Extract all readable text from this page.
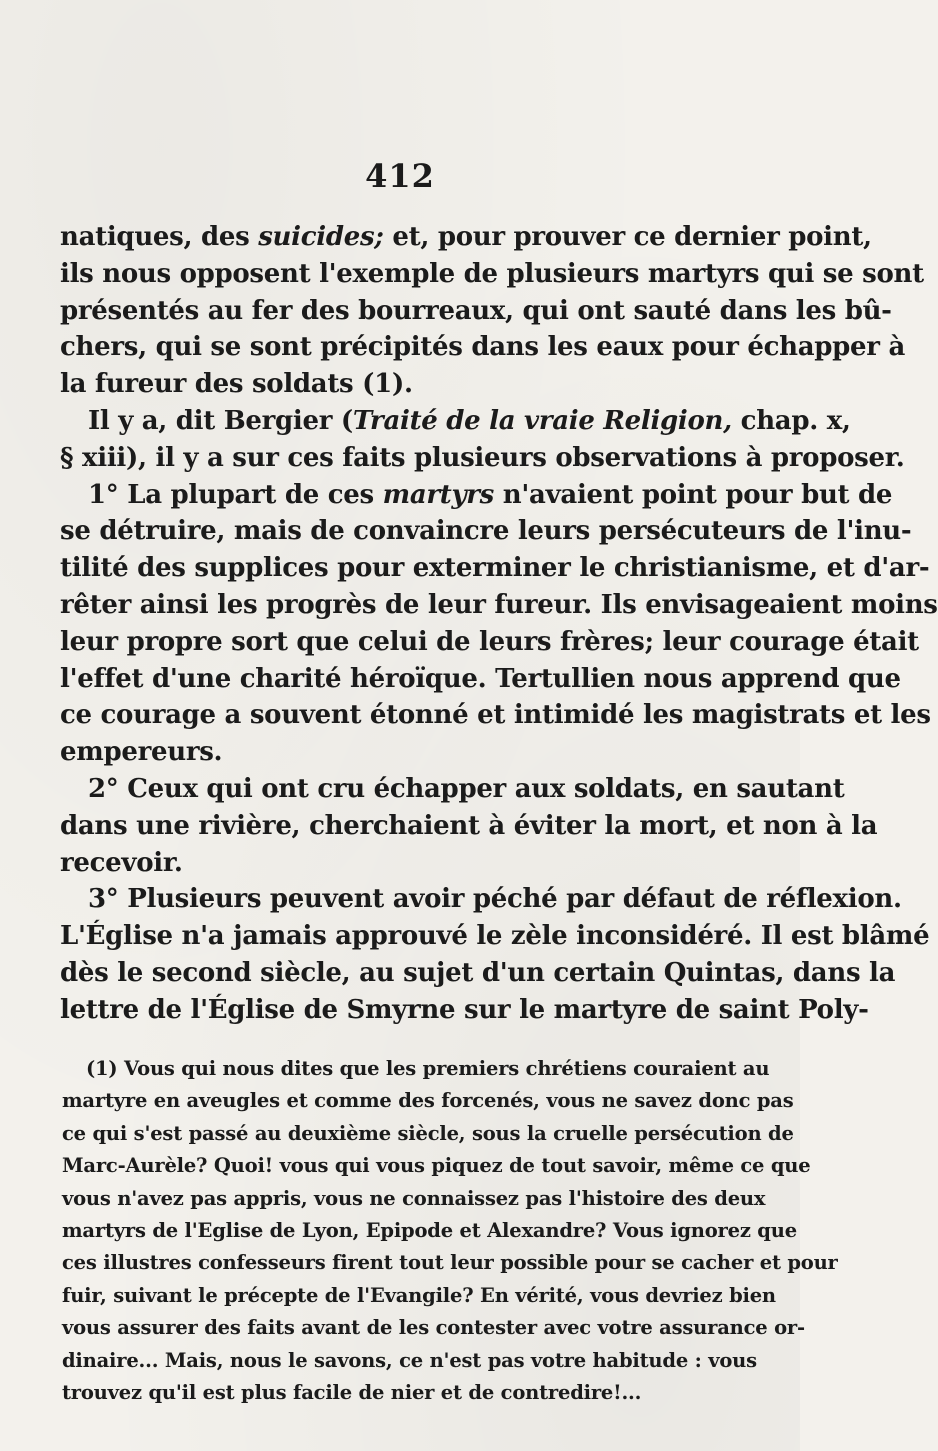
412
natiques, des suicides; et, pour prouver ce dernier point,
ils nous opposent l'exemple de plusieurs martyrs qui se sont
présentés au fer des bourreaux, qui ont sauté dans les bû-
chers, qui se sont précipités dans les eaux pour échapper à
la fureur des soldats (1).
Il y a, dit Bergier (Traité de la vraie Religion, chap. x,
§ xiii), il y a sur ces faits plusieurs observations à proposer.
1° La plupart de ces martyrs n'avaient point pour but de
se détruire, mais de convaincre leurs persécuteurs de l'inu-
tilité des supplices pour exterminer le christianisme, et d'ar-
rêter ainsi les progrès de leur fureur. Ils envisageaient moins
leur propre sort que celui de leurs frères; leur courage était
l'effet d'une charité héroïque. Tertullien nous apprend que
ce courage a souvent étonné et intimidé les magistrats et les
empereurs.
2° Ceux qui ont cru échapper aux soldats, en sautant
dans une rivière, cherchaient à éviter la mort, et non à la
recevoir.
3° Plusieurs peuvent avoir péché par défaut de réflexion.
L'Église n'a jamais approuvé le zèle inconsidéré. Il est blâmé
dès le second siècle, au sujet d'un certain Quintas, dans la
lettre de l'Église de Smyrne sur le martyre de saint Poly-
(1) Vous qui nous dites que les premiers chrétiens couraient au
martyre en aveugles et comme des forcenés, vous ne savez donc pas
ce qui s'est passé au deuxième siècle, sous la cruelle persécution de
Marc-Aurèle? Quoi! vous qui vous piquez de tout savoir, même ce que
vous n'avez pas appris, vous ne connaissez pas l'histoire des deux
martyrs de l'Eglise de Lyon, Epipode et Alexandre? Vous ignorez que
ces illustres confesseurs firent tout leur possible pour se cacher et pour
fuir, suivant le précepte de l'Evangile? En vérité, vous devriez bien
vous assurer des faits avant de les contester avec votre assurance or-
dinaire... Mais, nous le savons, ce n'est pas votre habitude : vous
trouvez qu'il est plus facile de nier et de contredire!...
